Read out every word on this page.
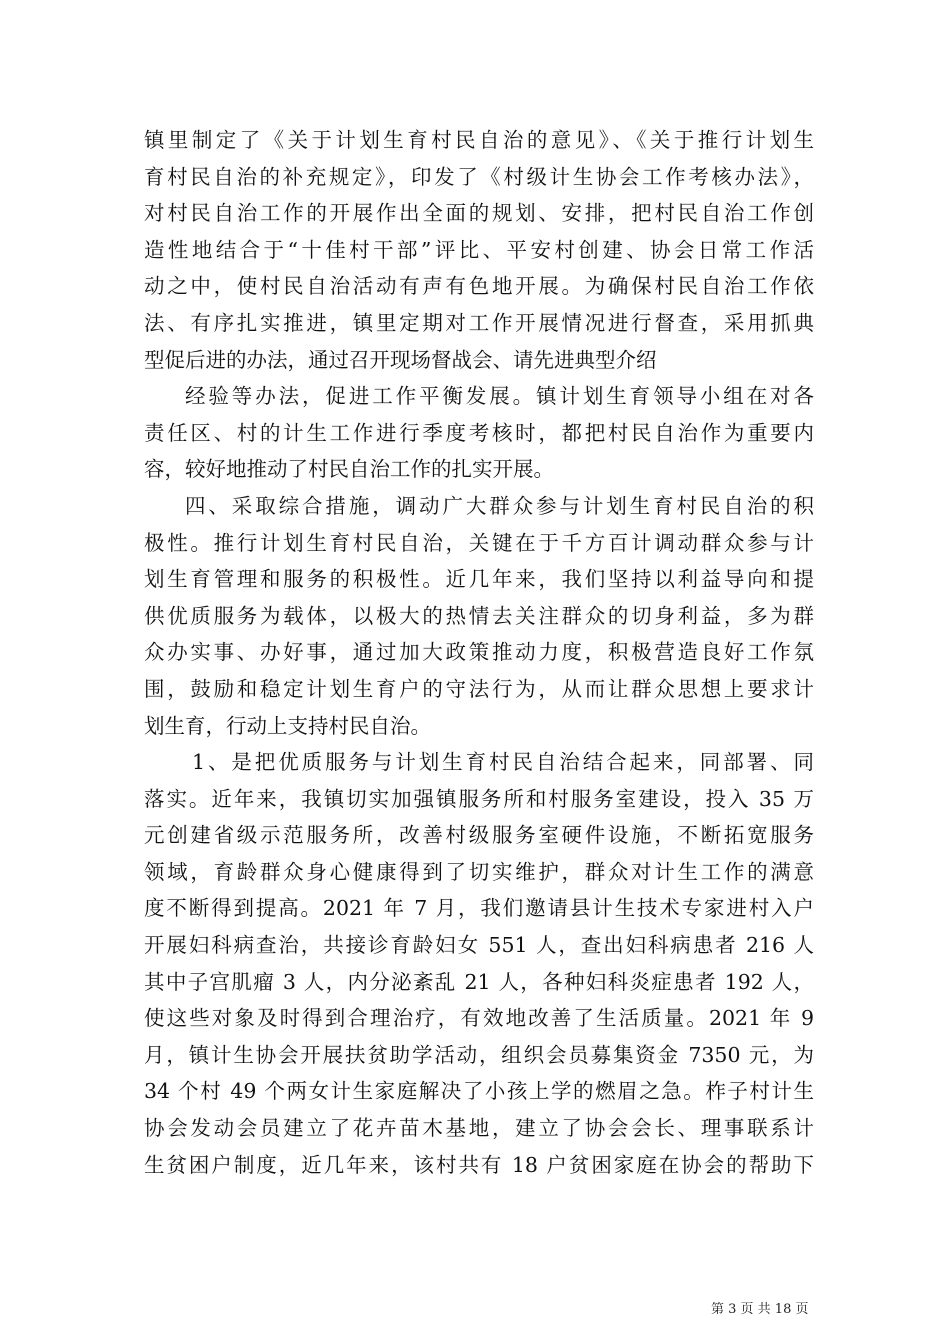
镇里制定了《关于计划生育村民自治的意见》、《关于推行计划生
育村民自治的补充规定》，印发了《村级计生协会工作考核办法》，
对村民自治工作的开展作出全面的规划、安排，把村民自治工作创
造性地结合于“十佳村干部”评比、平安村创建、协会日常工作活
动之中，使村民自治活动有声有色地开展。为确保村民自治工作依
法、有序扎实推进，镇里定期对工作开展情况进行督查，采用抓典
型促后进的办法，通过召开现场督战会、请先进典型介绍
经验等办法，促进工作平衡发展。镇计划生育领导小组在对各
责任区、村的计生工作进行季度考核时，都把村民自治作为重要内
容，较好地推动了村民自治工作的扎实开展。
四、采取综合措施，调动广大群众参与计划生育村民自治的积
极性。推行计划生育村民自治，关键在于千方百计调动群众参与计
划生育管理和服务的积极性。近几年来，我们坚持以利益导向和提
供优质服务为载体，以极大的热情去关注群众的切身利益，多为群
众办实事、办好事，通过加大政策推动力度，积极营造良好工作氛
围，鼓励和稳定计划生育户的守法行为，从而让群众思想上要求计
划生育，行动上支持村民自治。
1、是把优质服务与计划生育村民自治结合起来，同部署、同
落实。近年来，我镇切实加强镇服务所和村服务室建设，投入 35 万
元创建省级示范服务所，改善村级服务室硬件设施，不断拓宽服务
领域，育龄群众身心健康得到了切实维护，群众对计生工作的满意
度不断得到提高。2021 年 7 月，我们邀请县计生技术专家进村入户
开展妇科病查治，共接诊育龄妇女 551 人，查出妇科病患者 216 人
其中子宫肌瘤 3 人，内分泌紊乱 21 人，各种妇科炎症患者 192 人，
使这些对象及时得到合理治疗，有效地改善了生活质量。2021 年 9
月，镇计生协会开展扶贫助学活动，组织会员募集资金 7350 元，为
34 个村 49 个两女计生家庭解决了小孩上学的燃眉之急。柞子村计生
协会发动会员建立了花卉苗木基地，建立了协会会长、理事联系计
生贫困户制度，近几年来，该村共有 18 户贫困家庭在协会的帮助下
第 3 页 共 18 页
